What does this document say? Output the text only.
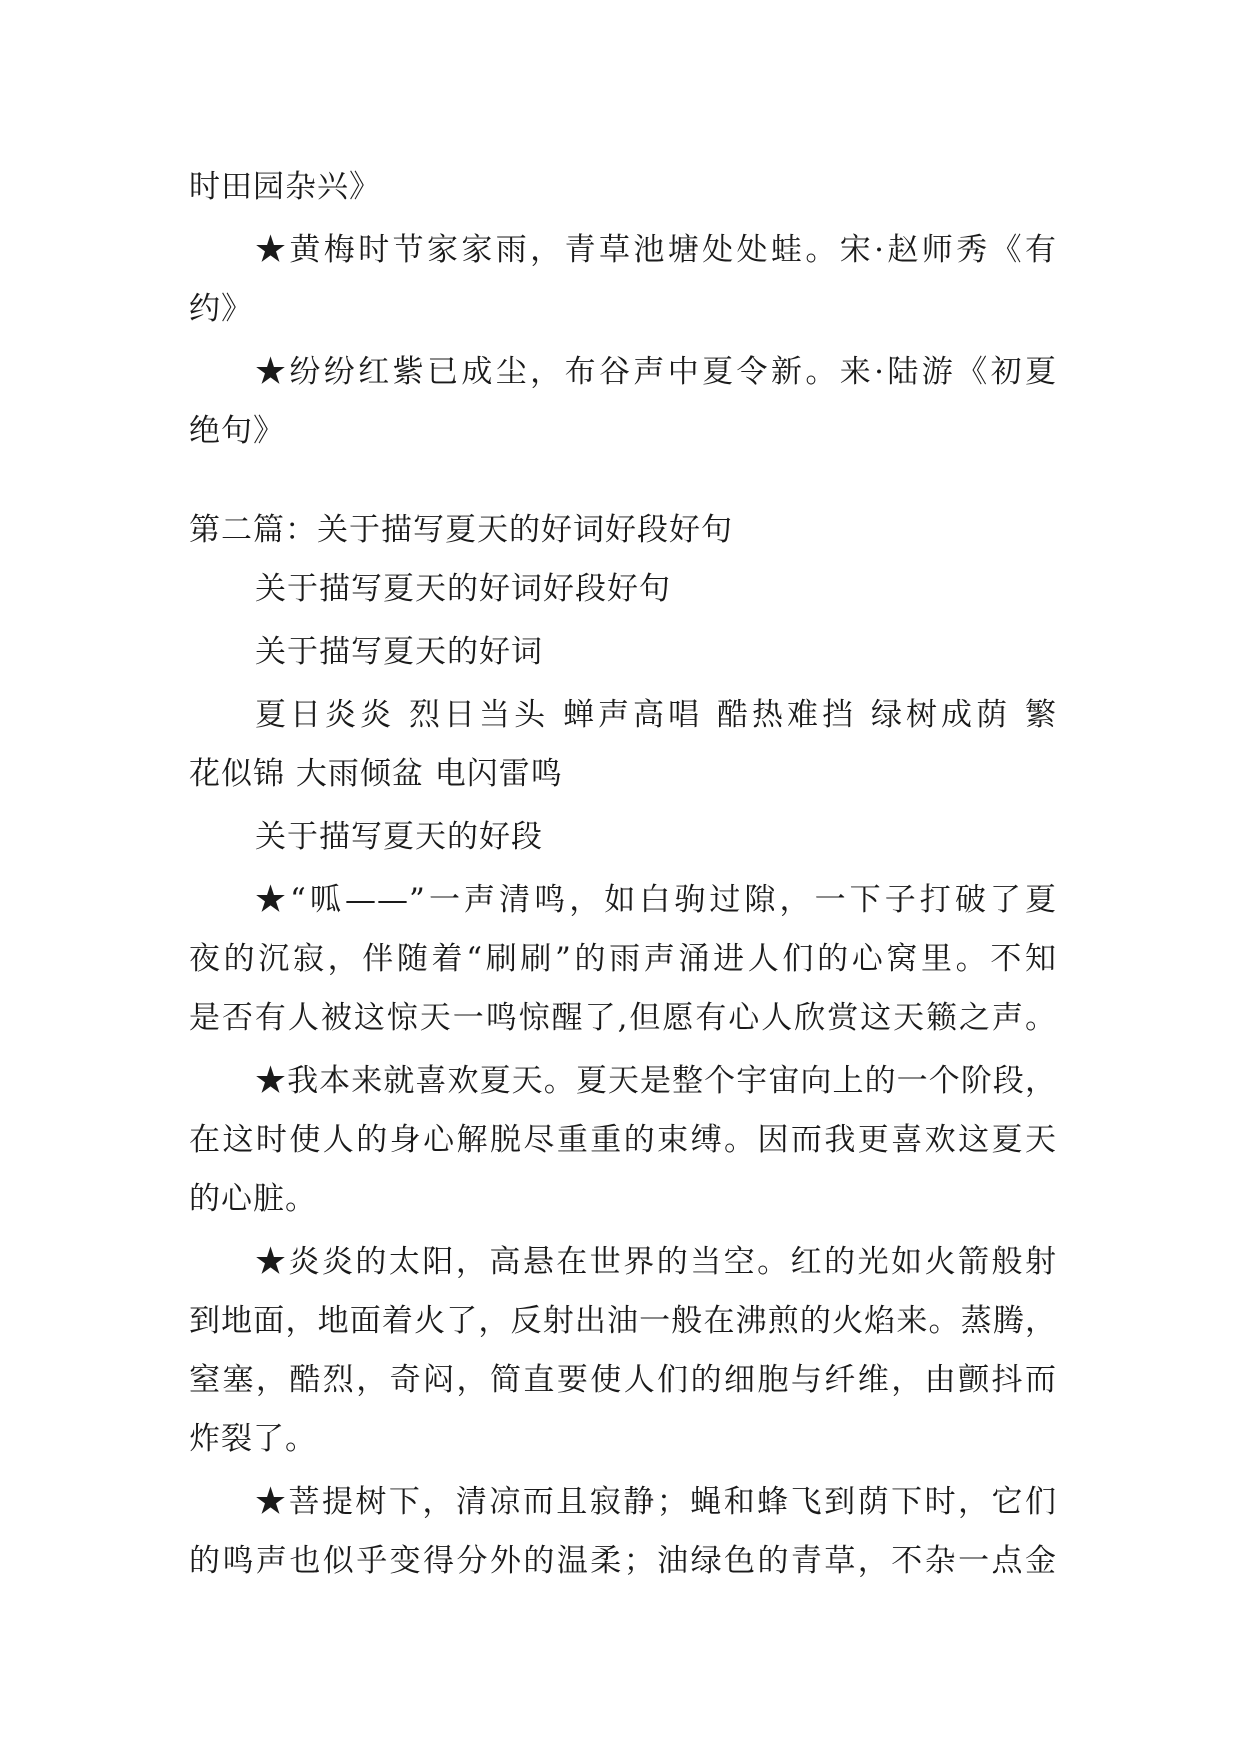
时田园杂兴》
★黄梅时节家家雨，青草池塘处处蛙。宋·赵师秀《有
约》
★纷纷红紫已成尘，布谷声中夏令新。来·陆游《初夏
绝句》
第二篇：关于描写夏天的好词好段好句
关于描写夏天的好词好段好句
关于描写夏天的好词
夏日炎炎 烈日当头 蝉声高唱 酷热难挡 绿树成荫 繁
花似锦 大雨倾盆 电闪雷鸣
关于描写夏天的好段
★“呱——”一声清鸣，如白驹过隙，一下子打破了夏
夜的沉寂，伴随着“刷刷”的雨声涌进人们的心窝里。不知
是否有人被这惊天一鸣惊醒了,但愿有心人欣赏这天籁之声。
★我本来就喜欢夏天。夏天是整个宇宙向上的一个阶段，
在这时使人的身心解脱尽重重的束缚。因而我更喜欢这夏天
的心脏。
★炎炎的太阳，高悬在世界的当空。红的光如火箭般射
到地面，地面着火了，反射出油一般在沸煎的火焰来。蒸腾，
窒塞，酷烈，奇闷，简直要使人们的细胞与纤维，由颤抖而
炸裂了。
★菩提树下，清凉而且寂静；蝇和蜂飞到荫下时，它们
的鸣声也似乎变得分外的温柔；油绿色的青草，不杂一点金
